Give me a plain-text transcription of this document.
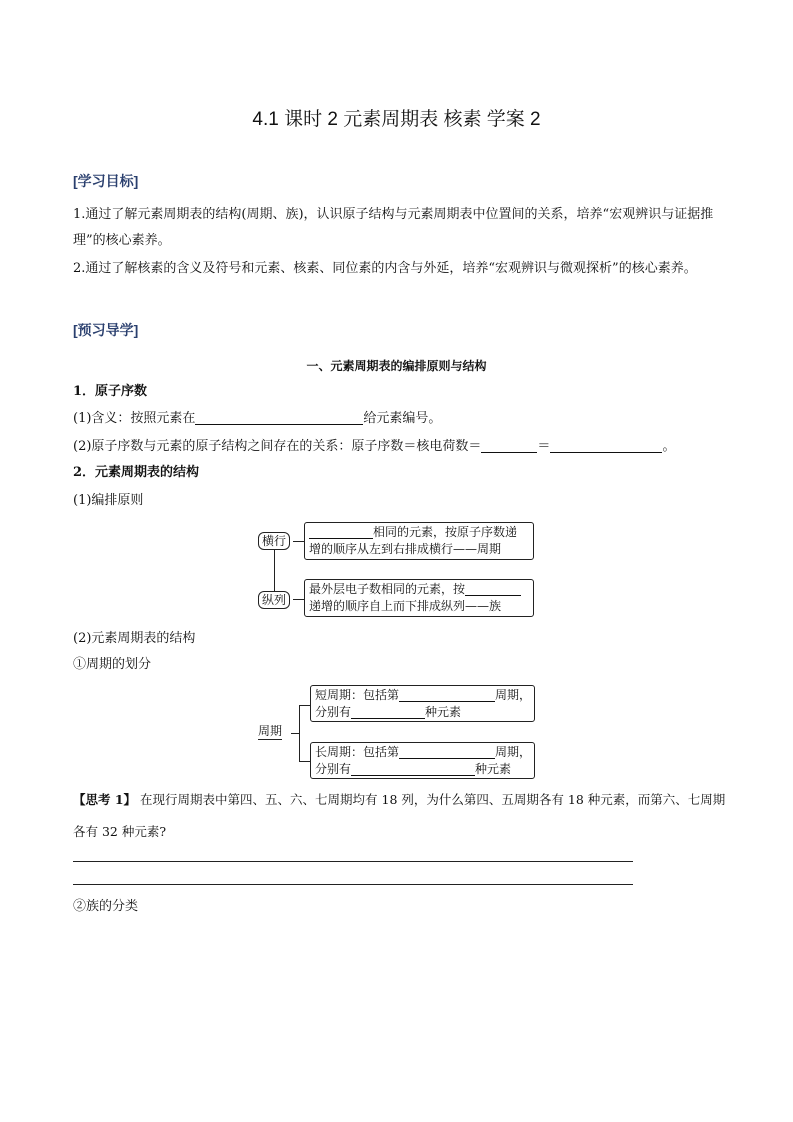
4.1 课时 2 元素周期表 核素 学案 2
[学习目标]
1.通过了解元素周期表的结构(周期、族)，认识原子结构与元素周期表中位置间的关系，培养“宏观辨识与证据推理”的核心素养。
2.通过了解核素的含义及符号和元素、核素、同位素的内含与外延，培养“宏观辨识与微观探析”的核心素养。
[预习导学]
一、元素周期表的编排原则与结构
1．原子序数
(1)含义：按照元素在	给元素编号。
(2)原子序数与元素的原子结构之间存在的关系：原子序数＝核电荷数＝	＝	。
2．元素周期表的结构
(1)编排原则
横行
相同的元素，按原子序数递
增的顺序从左到右排成横行——周期
纵列
最外层电子数相同的元素，按
递增的顺序自上而下排成纵列——族
(2)元素周期表的结构
①周期的划分
周期
短周期：包括第	周期，
分别有	种元素
长周期：包括第	周期，
分别有	种元素
【思考 1】 在现行周期表中第四、五、六、七周期均有 18 列，为什么第四、五周期各有 18 种元素，而第六、七周期各有 32 种元素?
②族的分类
